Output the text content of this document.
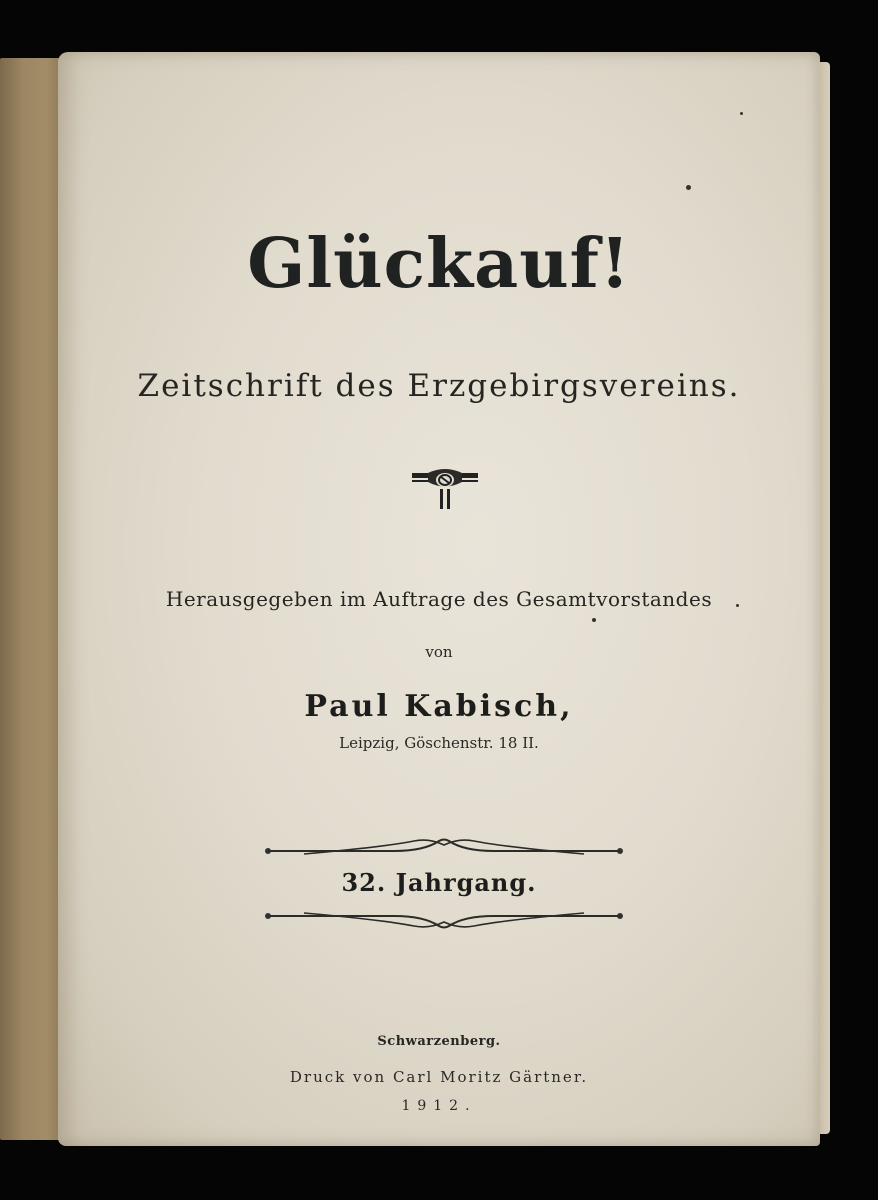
Glückauf!
Zeitschrift des Erzgebirgsvereins.
Herausgegeben im Auftrage des Gesamtvorstandes
von
Paul Kabisch,
Leipzig, Göschenstr. 18 II.
32. Jahrgang.
Schwarzenberg.
Druck von Carl Moritz Gärtner.
1912.
